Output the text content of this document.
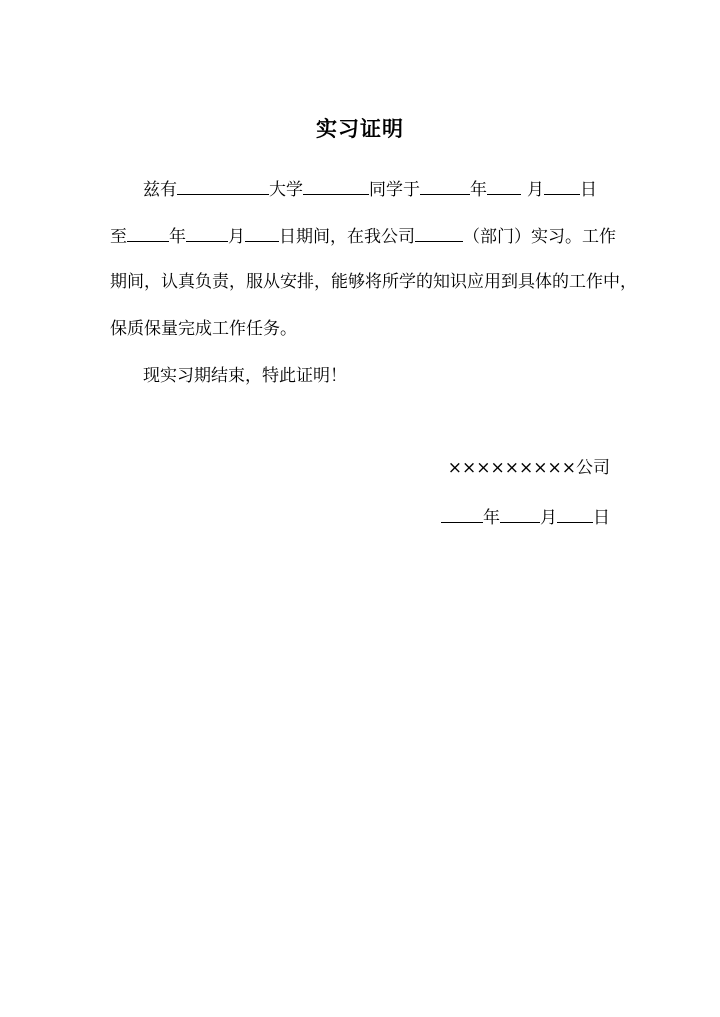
实习证明
兹有	大学	同学于	年 月 日
至 年 月 日期间，在我公司	（部门）实习。工作
期间，认真负责，服从安排，能够将所学的知识应用到具体的工作中，
保质保量完成工作任务。
现实习期结束，特此证明！
×××××××××公司
年 月 日
